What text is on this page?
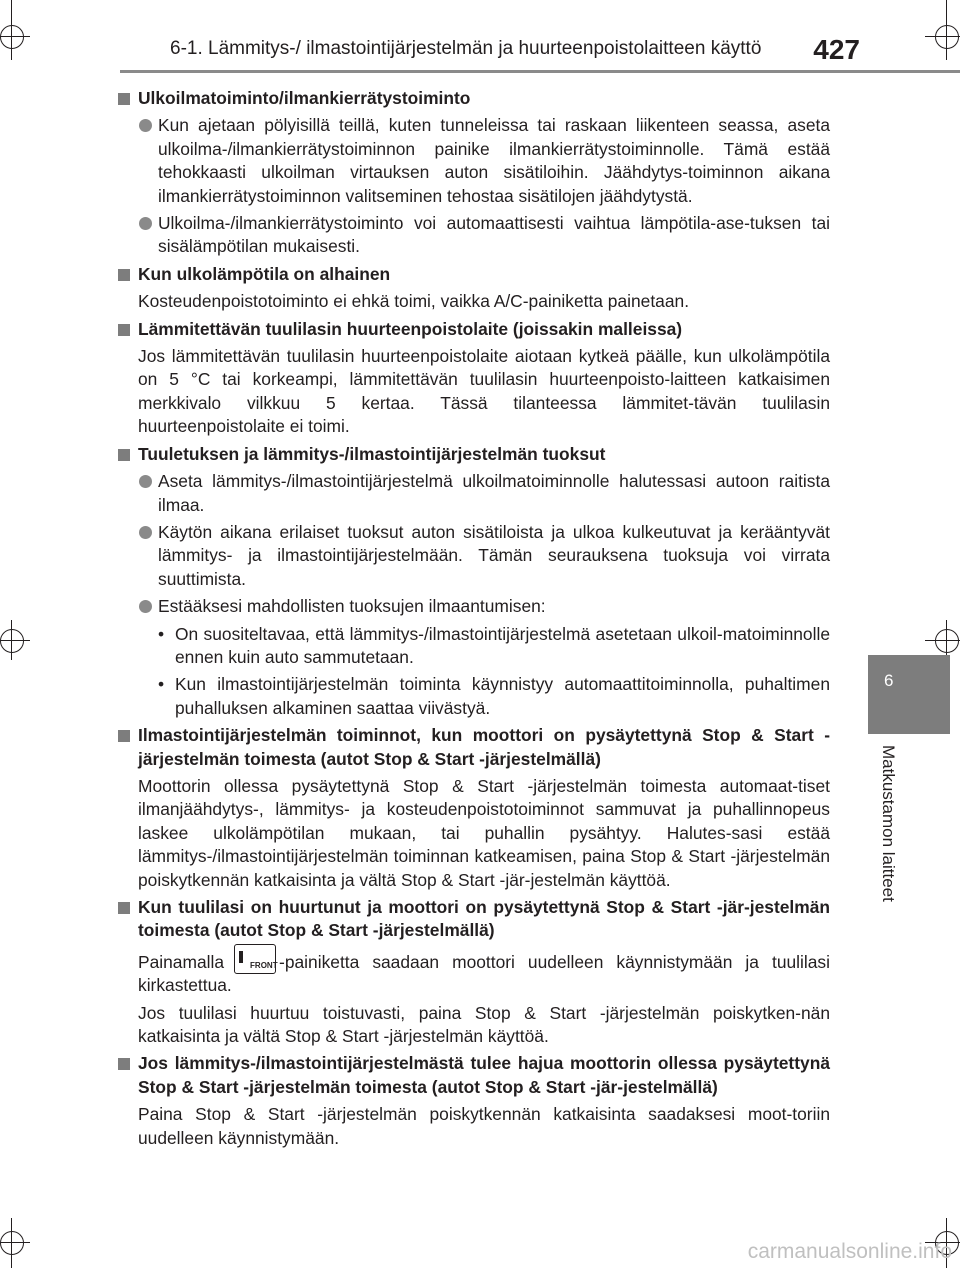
6-1. Lämmitys-/ ilmastointijärjestelmän ja huurteenpoistolaitteen käyttö 427
6
Matkustamon laitteet
Ulkoilmatoiminto/ilmankierrätystoiminto
Kun ajetaan pölyisillä teillä, kuten tunneleissa tai raskaan liikenteen seassa, aseta ulkoilma-/ilmankierrätystoiminnon painike ilmankierrätystoiminnolle. Tämä estää tehokkaasti ulkoilman virtauksen auton sisätiloihin. Jäähdytys-toiminnon aikana ilmankierrätystoiminnon valitseminen tehostaa sisätilojen jäähdytystä.
Ulkoilma-/ilmankierrätystoiminto voi automaattisesti vaihtua lämpötila-ase-tuksen tai sisälämpötilan mukaisesti.
Kun ulkolämpötila on alhainen
Kosteudenpoistotoiminto ei ehkä toimi, vaikka A/C-painiketta painetaan.
Lämmitettävän tuulilasin huurteenpoistolaite (joissakin malleissa)
Jos lämmitettävän tuulilasin huurteenpoistolaite aiotaan kytkeä päälle, kun ulkolämpötila on 5 °C tai korkeampi, lämmitettävän tuulilasin huurteenpoisto-laitteen katkaisimen merkkivalo vilkkuu 5 kertaa. Tässä tilanteessa lämmitet-tävän tuulilasin huurteenpoistolaite ei toimi.
Tuuletuksen ja lämmitys-/ilmastointijärjestelmän tuoksut
Aseta lämmitys-/ilmastointijärjestelmä ulkoilmatoiminnolle halutessasi autoon raitista ilmaa.
Käytön aikana erilaiset tuoksut auton sisätiloista ja ulkoa kulkeutuvat ja kerääntyvät lämmitys- ja ilmastointijärjestelmään. Tämän seurauksena tuoksuja voi virrata suuttimista.
Estääksesi mahdollisten tuoksujen ilmaantumisen:
• On suositeltavaa, että lämmitys-/ilmastointijärjestelmä asetetaan ulkoil-matoiminnolle ennen kuin auto sammutetaan.
• Kun ilmastointijärjestelmän toiminta käynnistyy automaattitoiminnolla, puhaltimen puhalluksen alkaminen saattaa viivästyä.
Ilmastointijärjestelmän toiminnot, kun moottori on pysäytettynä Stop & Start -järjestelmän toimesta (autot Stop & Start -järjestelmällä)
Moottorin ollessa pysäytettynä Stop & Start -järjestelmän toimesta automaat-tiset ilmanjäähdytys-, lämmitys- ja kosteudenpoistotoiminnot sammuvat ja puhallinnopeus laskee ulkolämpötilan mukaan, tai puhallin pysähtyy. Halutes-sasi estää lämmitys-/ilmastointijärjestelmän toiminnan katkeamisen, paina Stop & Start -järjestelmän poiskytkennän katkaisinta ja vältä Stop & Start -jär-jestelmän käyttöä.
Kun tuulilasi on huurtunut ja moottori on pysäytettynä Stop & Start -jär-jestelmän toimesta (autot Stop & Start -järjestelmällä)
Painamalla	FRONT -painiketta saadaan moottori uudelleen käynnistymään ja tuulilasi kirkastettua.
Jos tuulilasi huurtuu toistuvasti, paina Stop & Start -järjestelmän poiskytken-nän katkaisinta ja vältä Stop & Start -järjestelmän käyttöä.
Jos lämmitys-/ilmastointijärjestelmästä tulee hajua moottorin ollessa pysäytettynä Stop & Start -järjestelmän toimesta (autot Stop & Start -jär-jestelmällä)
Paina Stop & Start -järjestelmän poiskytkennän katkaisinta saadaksesi moot-toriin uudelleen käynnistymään.
carmanualsonline.info
